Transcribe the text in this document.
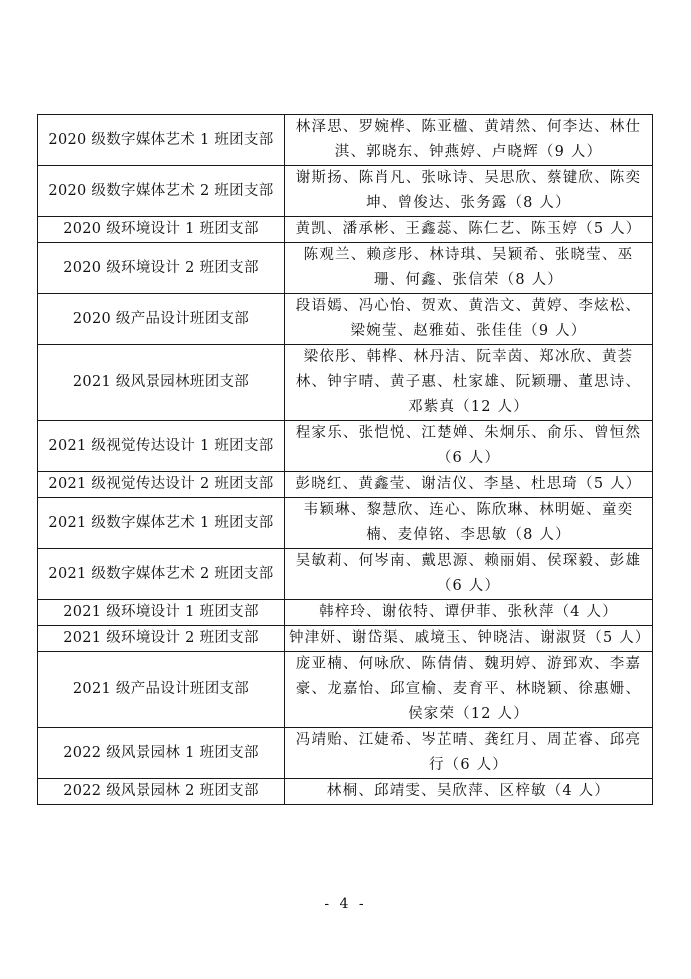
2020 级数字媒体艺术 1 班团支部	林泽思、罗婉桦、陈亚楹、黄靖然、何李达、林仕淇、郭晓东、钟燕婷、卢晓辉（9 人）
2020 级数字媒体艺术 2 班团支部	谢斯扬、陈肖凡、张咏诗、吴思欣、蔡键欣、陈奕坤、曾俊达、张务露（8 人）
2020 级环境设计 1 班团支部	黄凯、潘承彬、王鑫蕊、陈仁艺、陈玉婷（5 人）
2020 级环境设计 2 班团支部	陈观兰、赖彦彤、林诗琪、吴颖希、张晓莹、巫珊、何鑫、张信荣（8 人）
2020 级产品设计班团支部	段语嫣、冯心怡、贺欢、黄浩文、黄婷、李炫松、梁婉莹、赵雅茹、张佳佳（9 人）
2021 级风景园林班团支部	梁依彤、韩桦、林丹洁、阮幸茵、郑冰欣、黄荟林、钟宇晴、黄子惠、杜家雄、阮颖珊、董思诗、邓紫真（12 人）
2021 级视觉传达设计 1 班团支部	程家乐、张恺悦、江楚婵、朱炯乐、俞乐、曾恒然（6 人）
2021 级视觉传达设计 2 班团支部	彭晓红、黄鑫莹、谢洁仪、李垦、杜思琦（5 人）
2021 级数字媒体艺术 1 班团支部	韦颖琳、黎慧欣、连心、陈欣琳、林明姬、童奕楠、麦倬铭、李思敏（8 人）
2021 级数字媒体艺术 2 班团支部	吴敏莉、何岑南、戴思源、赖丽娟、侯琛毅、彭雄（6 人）
2021 级环境设计 1 班团支部	韩梓玲、谢依特、谭伊菲、张秋萍（4 人）
2021 级环境设计 2 班团支部	钟津妍、谢岱渠、戚境玉、钟晓洁、谢淑贤（5 人）
2021 级产品设计班团支部	庞亚楠、何咏欣、陈倩倩、魏玥婷、游郅欢、李嘉豪、龙嘉怡、邱宣榆、麦育平、林晓颖、徐惠姗、侯家荣（12 人）
2022 级风景园林 1 班团支部	冯靖贻、江婕希、岑芷晴、龚红月、周芷睿、邱亮行（6 人）
2022 级风景园林 2 班团支部	林桐、邱靖雯、吴欣萍、区梓敏（4 人）
- 4 -
